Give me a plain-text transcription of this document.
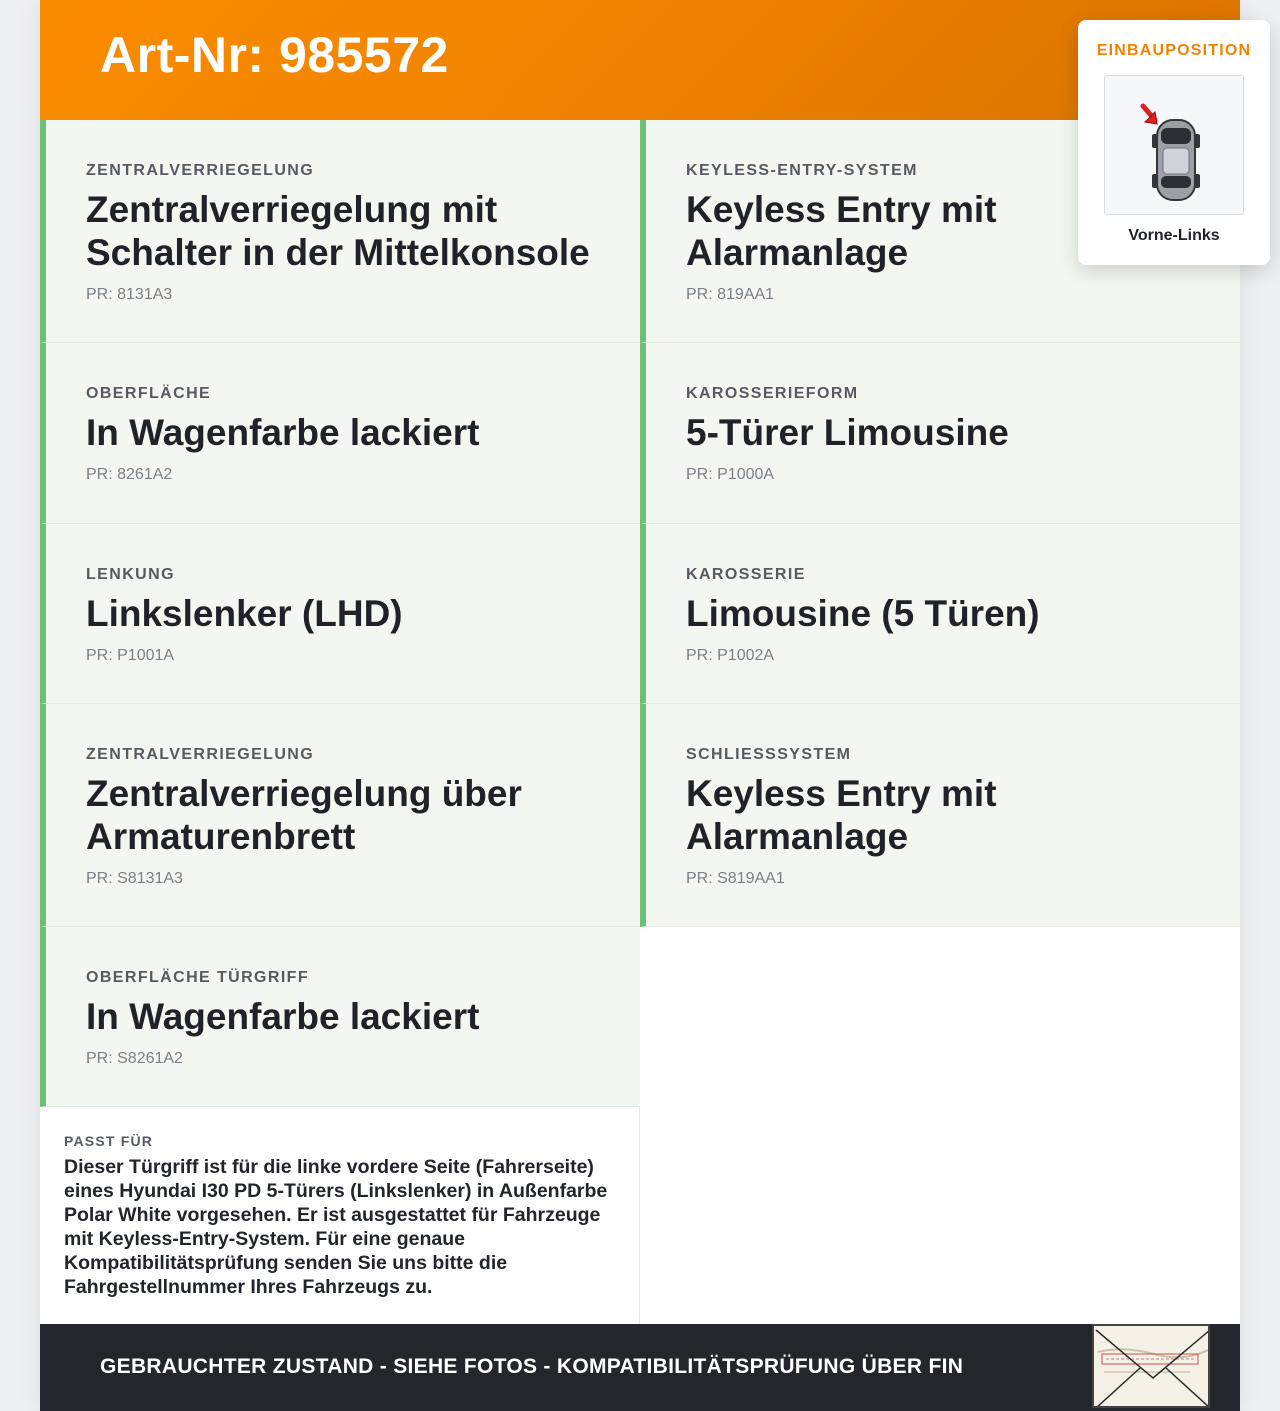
Art-Nr: 985572
ZENTRALVERRIEGELUNG
Zentralverriegelung mit Schalter in der Mittelkonsole
PR: 8131A3
KEYLESS-ENTRY-SYSTEM
Keyless Entry mit Alarmanlage
PR: 819AA1
OBERFLÄCHE
In Wagenfarbe lackiert
PR: 8261A2
KAROSSERIEFORM
5-Türer Limousine
PR: P1000A
LENKUNG
Linkslenker (LHD)
PR: P1001A
KAROSSERIE
Limousine (5 Türen)
PR: P1002A
ZENTRALVERRIEGELUNG
Zentralverriegelung über Armaturenbrett
PR: S8131A3
SCHLIESSSYSTEM
Keyless Entry mit Alarmanlage
PR: S819AA1
OBERFLÄCHE TÜRGRIFF
In Wagenfarbe lackiert
PR: S8261A2
PASST FÜR
Dieser Türgriff ist für die linke vordere Seite (Fahrerseite) eines Hyundai I30 PD 5-Türers (Linkslenker) in Außenfarbe Polar White vorgesehen. Er ist ausgestattet für Fahrzeuge mit Keyless-Entry-System. Für eine genaue Kompatibilitätsprüfung senden Sie uns bitte die Fahrgestellnummer Ihres Fahrzeugs zu.
GEBRAUCHTER ZUSTAND - SIEHE FOTOS - KOMPATIBILITÄTSPRÜFUNG ÜBER FIN
EINBAUPOSITION
Vorne-Links
